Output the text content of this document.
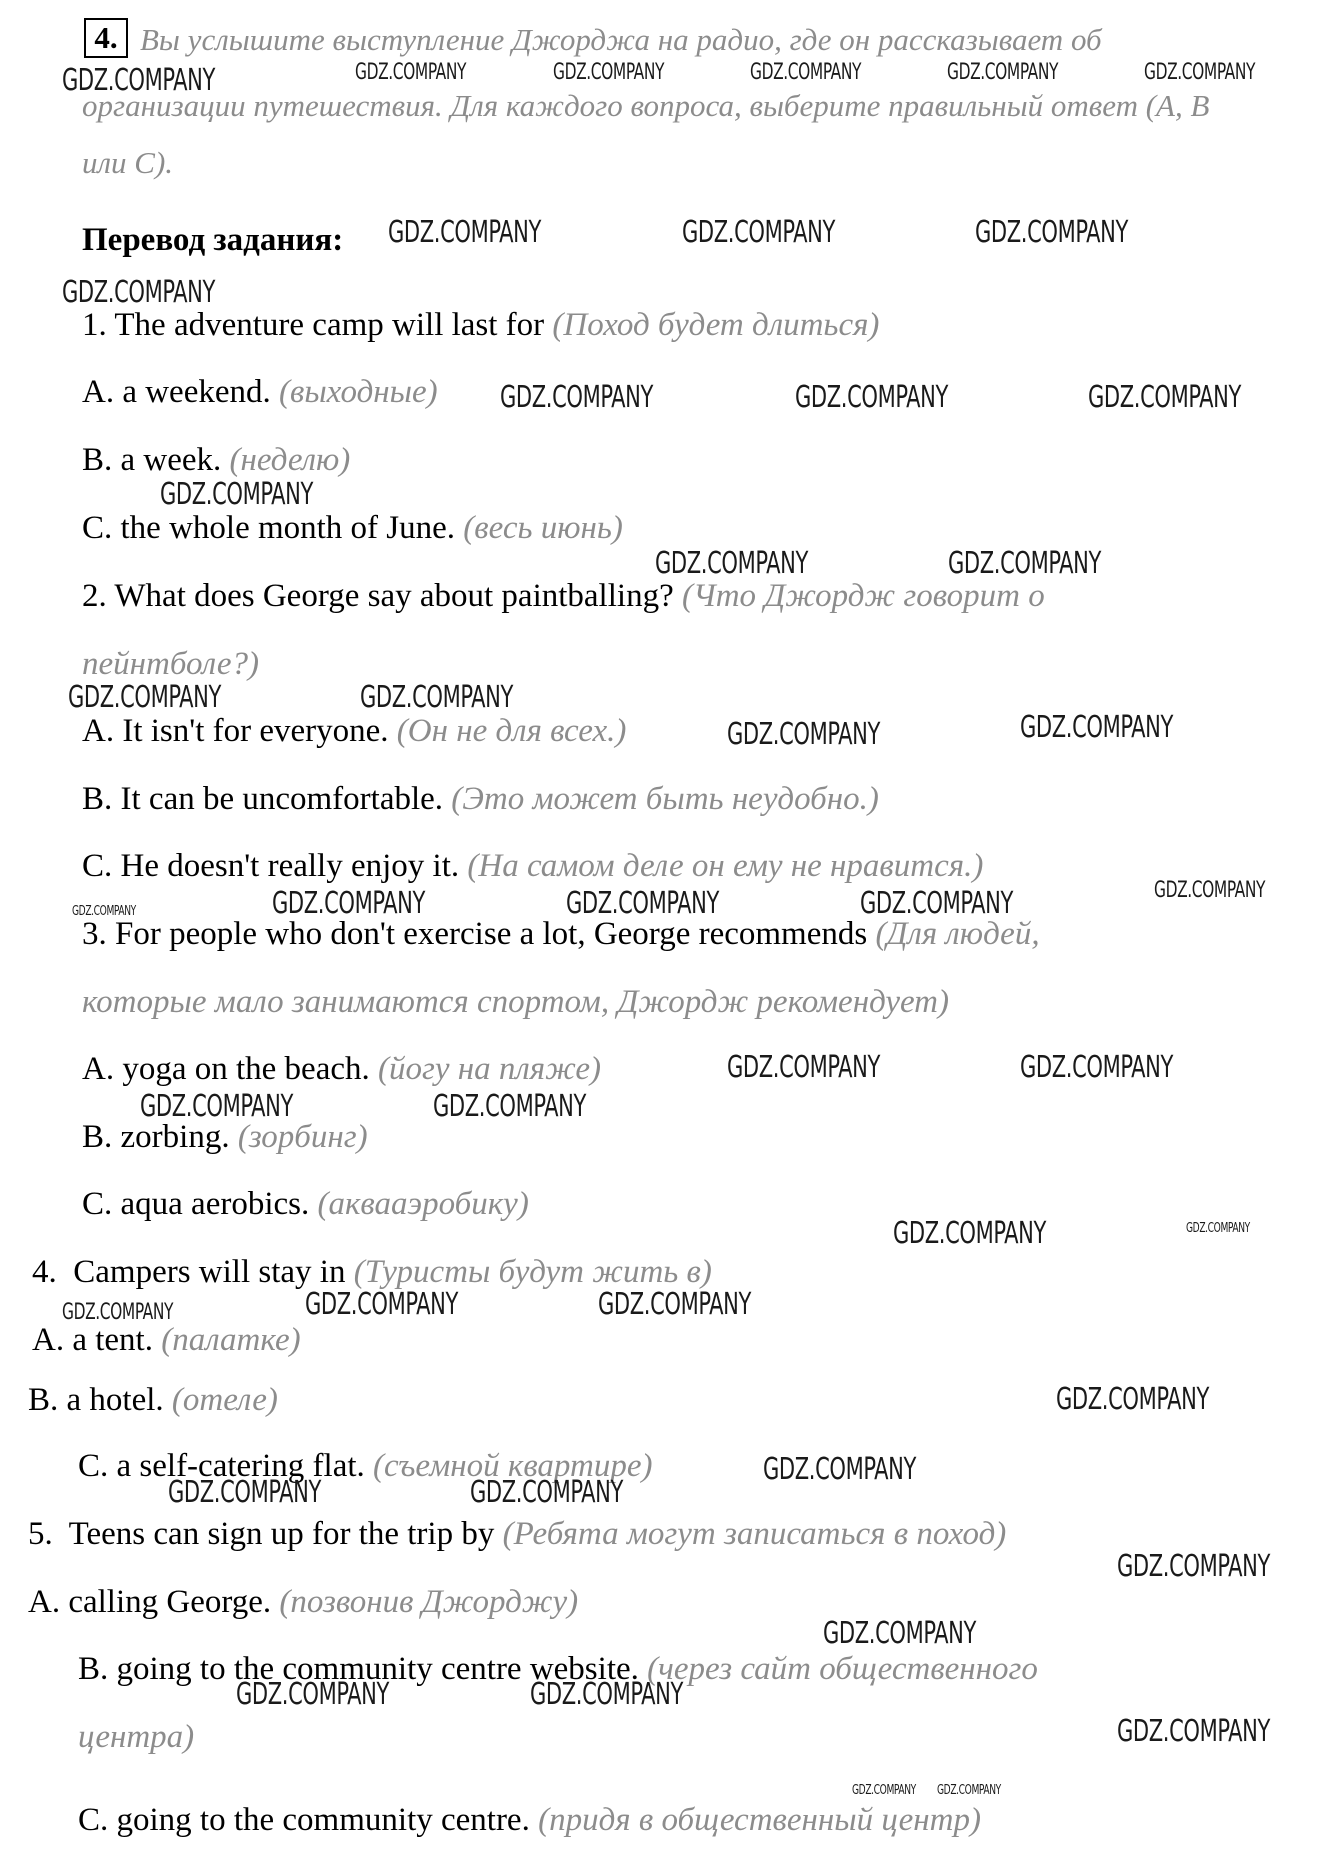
4. Вы услышите выступление Джорджа на радио, где он рассказывает об
организации путешествия. Для каждого вопроса, выберите правильный ответ (A, B
или C).
Перевод задания:
1. The adventure camp will last for (Поход будет длиться)
A. a weekend. (выходные)
B. a week. (неделю)
C. the whole month of June. (весь июнь)
2. What does George say about paintballing? (Что Джордж говорит о
пейнтболе?)
A. It isn't for everyone. (Он не для всех.)
B. It can be uncomfortable. (Это может быть неудобно.)
C. He doesn't really enjoy it. (На самом деле он ему не нравится.)
3. For people who don't exercise a lot, George recommends (Для людей,
которые мало занимаются спортом, Джордж рекомендует)
A. yoga on the beach. (йогу на пляже)
B. zorbing. (зорбинг)
C. aqua aerobics. (аквааэробику)
4.  Campers will stay in (Туристы будут жить в)
A. a tent. (палатке)
B. a hotel. (отеле)
C. a self-catering flat. (съемной квартире)
5.  Teens can sign up for the trip by (Ребята могут записаться в поход)
A. calling George. (позвонив Джорджу)
B. going to the community centre website. (через сайт общественного
центра)
C. going to the community centre. (придя в общественный центр)
GDZ.COMPANY	GDZ.COMPANY	GDZ.COMPANY	GDZ.COMPANY	GDZ.COMPANY	GDZ.COMPANY
GDZ.COMPANY	GDZ.COMPANY	GDZ.COMPANY
GDZ.COMPANY
GDZ.COMPANY	GDZ.COMPANY	GDZ.COMPANY
GDZ.COMPANY
GDZ.COMPANY	GDZ.COMPANY
GDZ.COMPANY	GDZ.COMPANY
GDZ.COMPANY	GDZ.COMPANY
GDZ.COMPANY	GDZ.COMPANY	GDZ.COMPANY	GDZ.COMPANY
GDZ.COMPANY
GDZ.COMPANY	GDZ.COMPANY
GDZ.COMPANY	GDZ.COMPANY
GDZ.COMPANY	GDZ.COMPANY
GDZ.COMPANY	GDZ.COMPANY
GDZ.COMPANY
GDZ.COMPANY
GDZ.COMPANY
GDZ.COMPANY	GDZ.COMPANY
GDZ.COMPANY
GDZ.COMPANY
GDZ.COMPANY	GDZ.COMPANY
GDZ.COMPANY
GDZ.COMPANY GDZ.COMPANY
